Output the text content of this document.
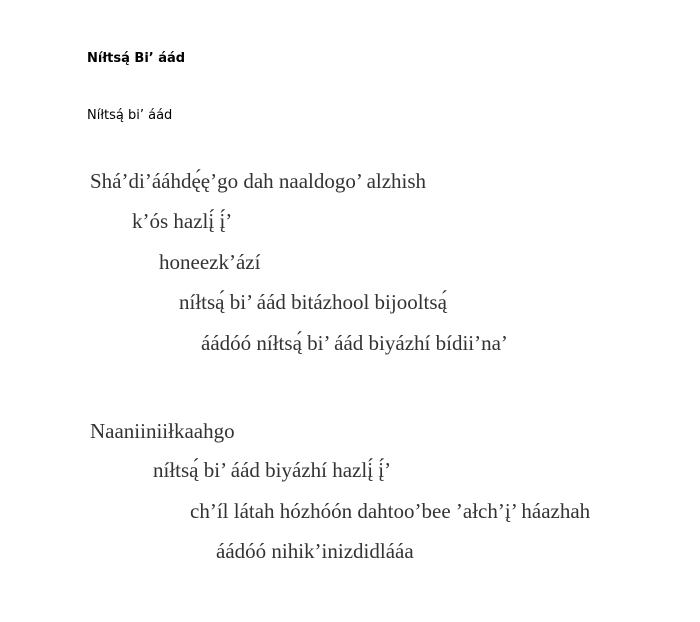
Níłtsą́ Bi’ áád
Níłtsą́ bi’ áád
Shá’di’ááhdę́ę’go dah naaldogo’ alzhish
k’ós hazlį́ į́’
honeezk’ází
níłtsą́ bi’ áád bitázhool bijooltsą́
áádóó níłtsą́ bi’ áád biyázhí bídii’na’
Naaniiniiłkaahgo
níłtsą́ bi’ áád biyázhí hazlį́ į́’
ch’íl látah hózhóón dahtoo’bee ’ałch’į’ háazhah
áádóó nihik’inizdidlááa
